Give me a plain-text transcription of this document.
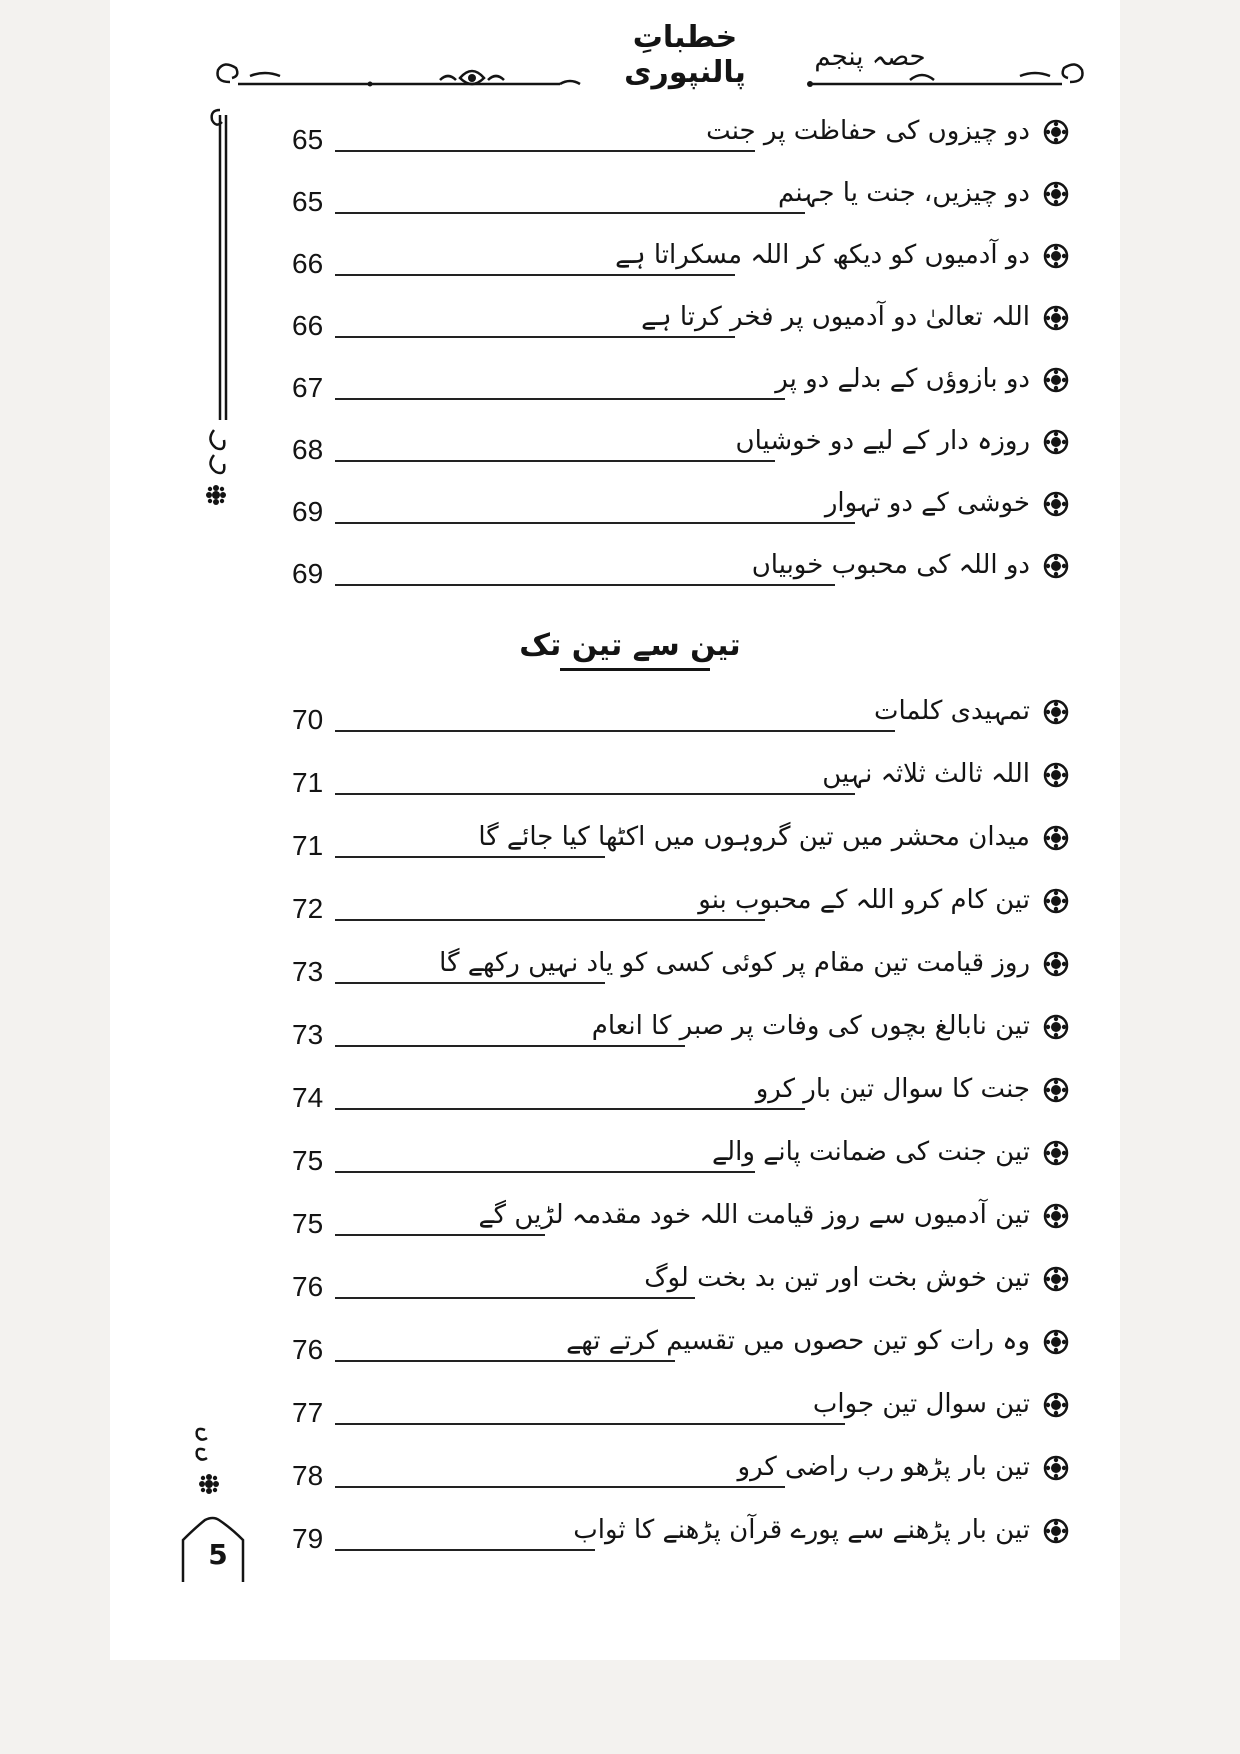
خطباتِ پالنپوری	حصہ پنجم
5
65	دو چیزوں کی حفاظت پر جنت
65	دو چیزیں، جنت یا جہنم
66	دو آدمیوں کو دیکھ کر اللہ مسکراتا ہے
66	اللہ تعالیٰ دو آدمیوں پر فخر کرتا ہے
67	دو بازوؤں کے بدلے دو پر
68	روزہ دار کے لیے دو خوشیاں
69	خوشی کے دو تہوار
69	دو اللہ کی محبوب خوبیاں
تین سے تین تک
70	تمہیدی کلمات
71	اللہ ثالث ثلاثہ نہیں
71	میدان محشر میں تین گروہوں میں اکٹھا کیا جائے گا
72	تین کام کرو اللہ کے محبوب بنو
73	روز قیامت تین مقام پر کوئی کسی کو یاد نہیں رکھے گا
73	تین نابالغ بچوں کی وفات پر صبر کا انعام
74	جنت کا سوال تین بار کرو
75	تین جنت کی ضمانت پانے والے
75	تین آدمیوں سے روز قیامت اللہ خود مقدمہ لڑیں گے
76	تین خوش بخت اور تین بد بخت لوگ
76	وہ رات کو تین حصوں میں تقسیم کرتے تھے
77	تین سوال تین جواب
78	تین بار پڑھو رب راضی کرو
79	تین بار پڑھنے سے پورے قرآن پڑھنے کا ثواب
